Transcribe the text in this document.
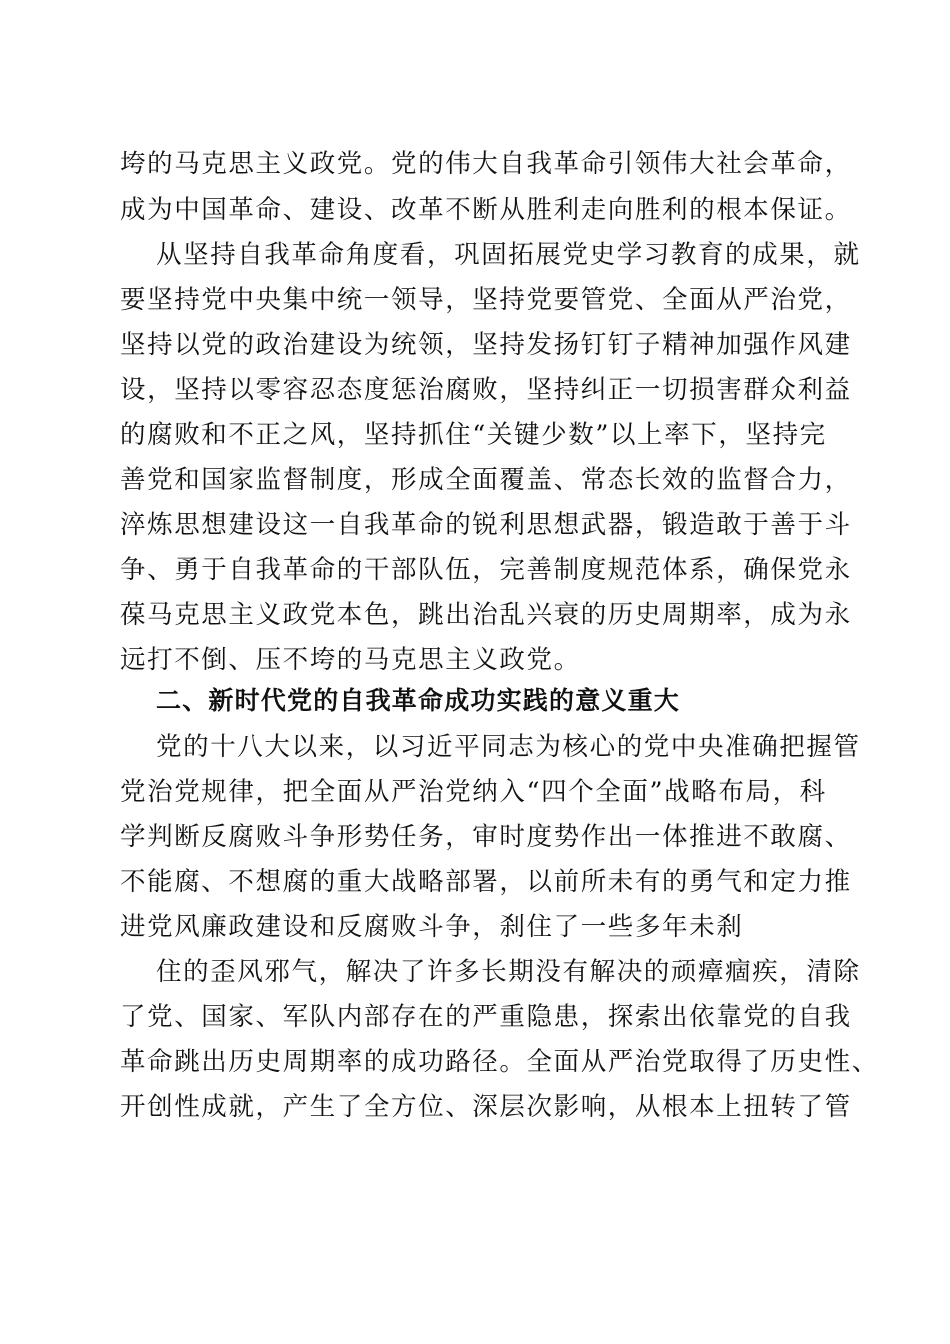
垮的马克思主义政党。党的伟大自我革命引领伟大社会革命，
成为中国革命、建设、改革不断从胜利走向胜利的根本保证。
从坚持自我革命角度看，巩固拓展党史学习教育的成果，就
要坚持党中央集中统一领导，坚持党要管党、全面从严治党，
坚持以党的政治建设为统领，坚持发扬钉钉子精神加强作风建
设，坚持以零容忍态度惩治腐败，坚持纠正一切损害群众利益
的腐败和不正之风，坚持抓住“关键少数”以上率下，坚持完
善党和国家监督制度，形成全面覆盖、常态长效的监督合力，
淬炼思想建设这一自我革命的锐利思想武器，锻造敢于善于斗
争、勇于自我革命的干部队伍，完善制度规范体系，确保党永
葆马克思主义政党本色，跳出治乱兴衰的历史周期率，成为永
远打不倒、压不垮的马克思主义政党。
二、新时代党的自我革命成功实践的意义重大
党的十八大以来，以习近平同志为核心的党中央准确把握管
党治党规律，把全面从严治党纳入“四个全面”战略布局，科
学判断反腐败斗争形势任务，审时度势作出一体推进不敢腐、
不能腐、不想腐的重大战略部署，以前所未有的勇气和定力推
进党风廉政建设和反腐败斗争，刹住了一些多年未刹
住的歪风邪气，解决了许多长期没有解决的顽瘴痼疾，清除
了党、国家、军队内部存在的严重隐患，探索出依靠党的自我
革命跳出历史周期率的成功路径。全面从严治党取得了历史性、
开创性成就，产生了全方位、深层次影响，从根本上扭转了管
